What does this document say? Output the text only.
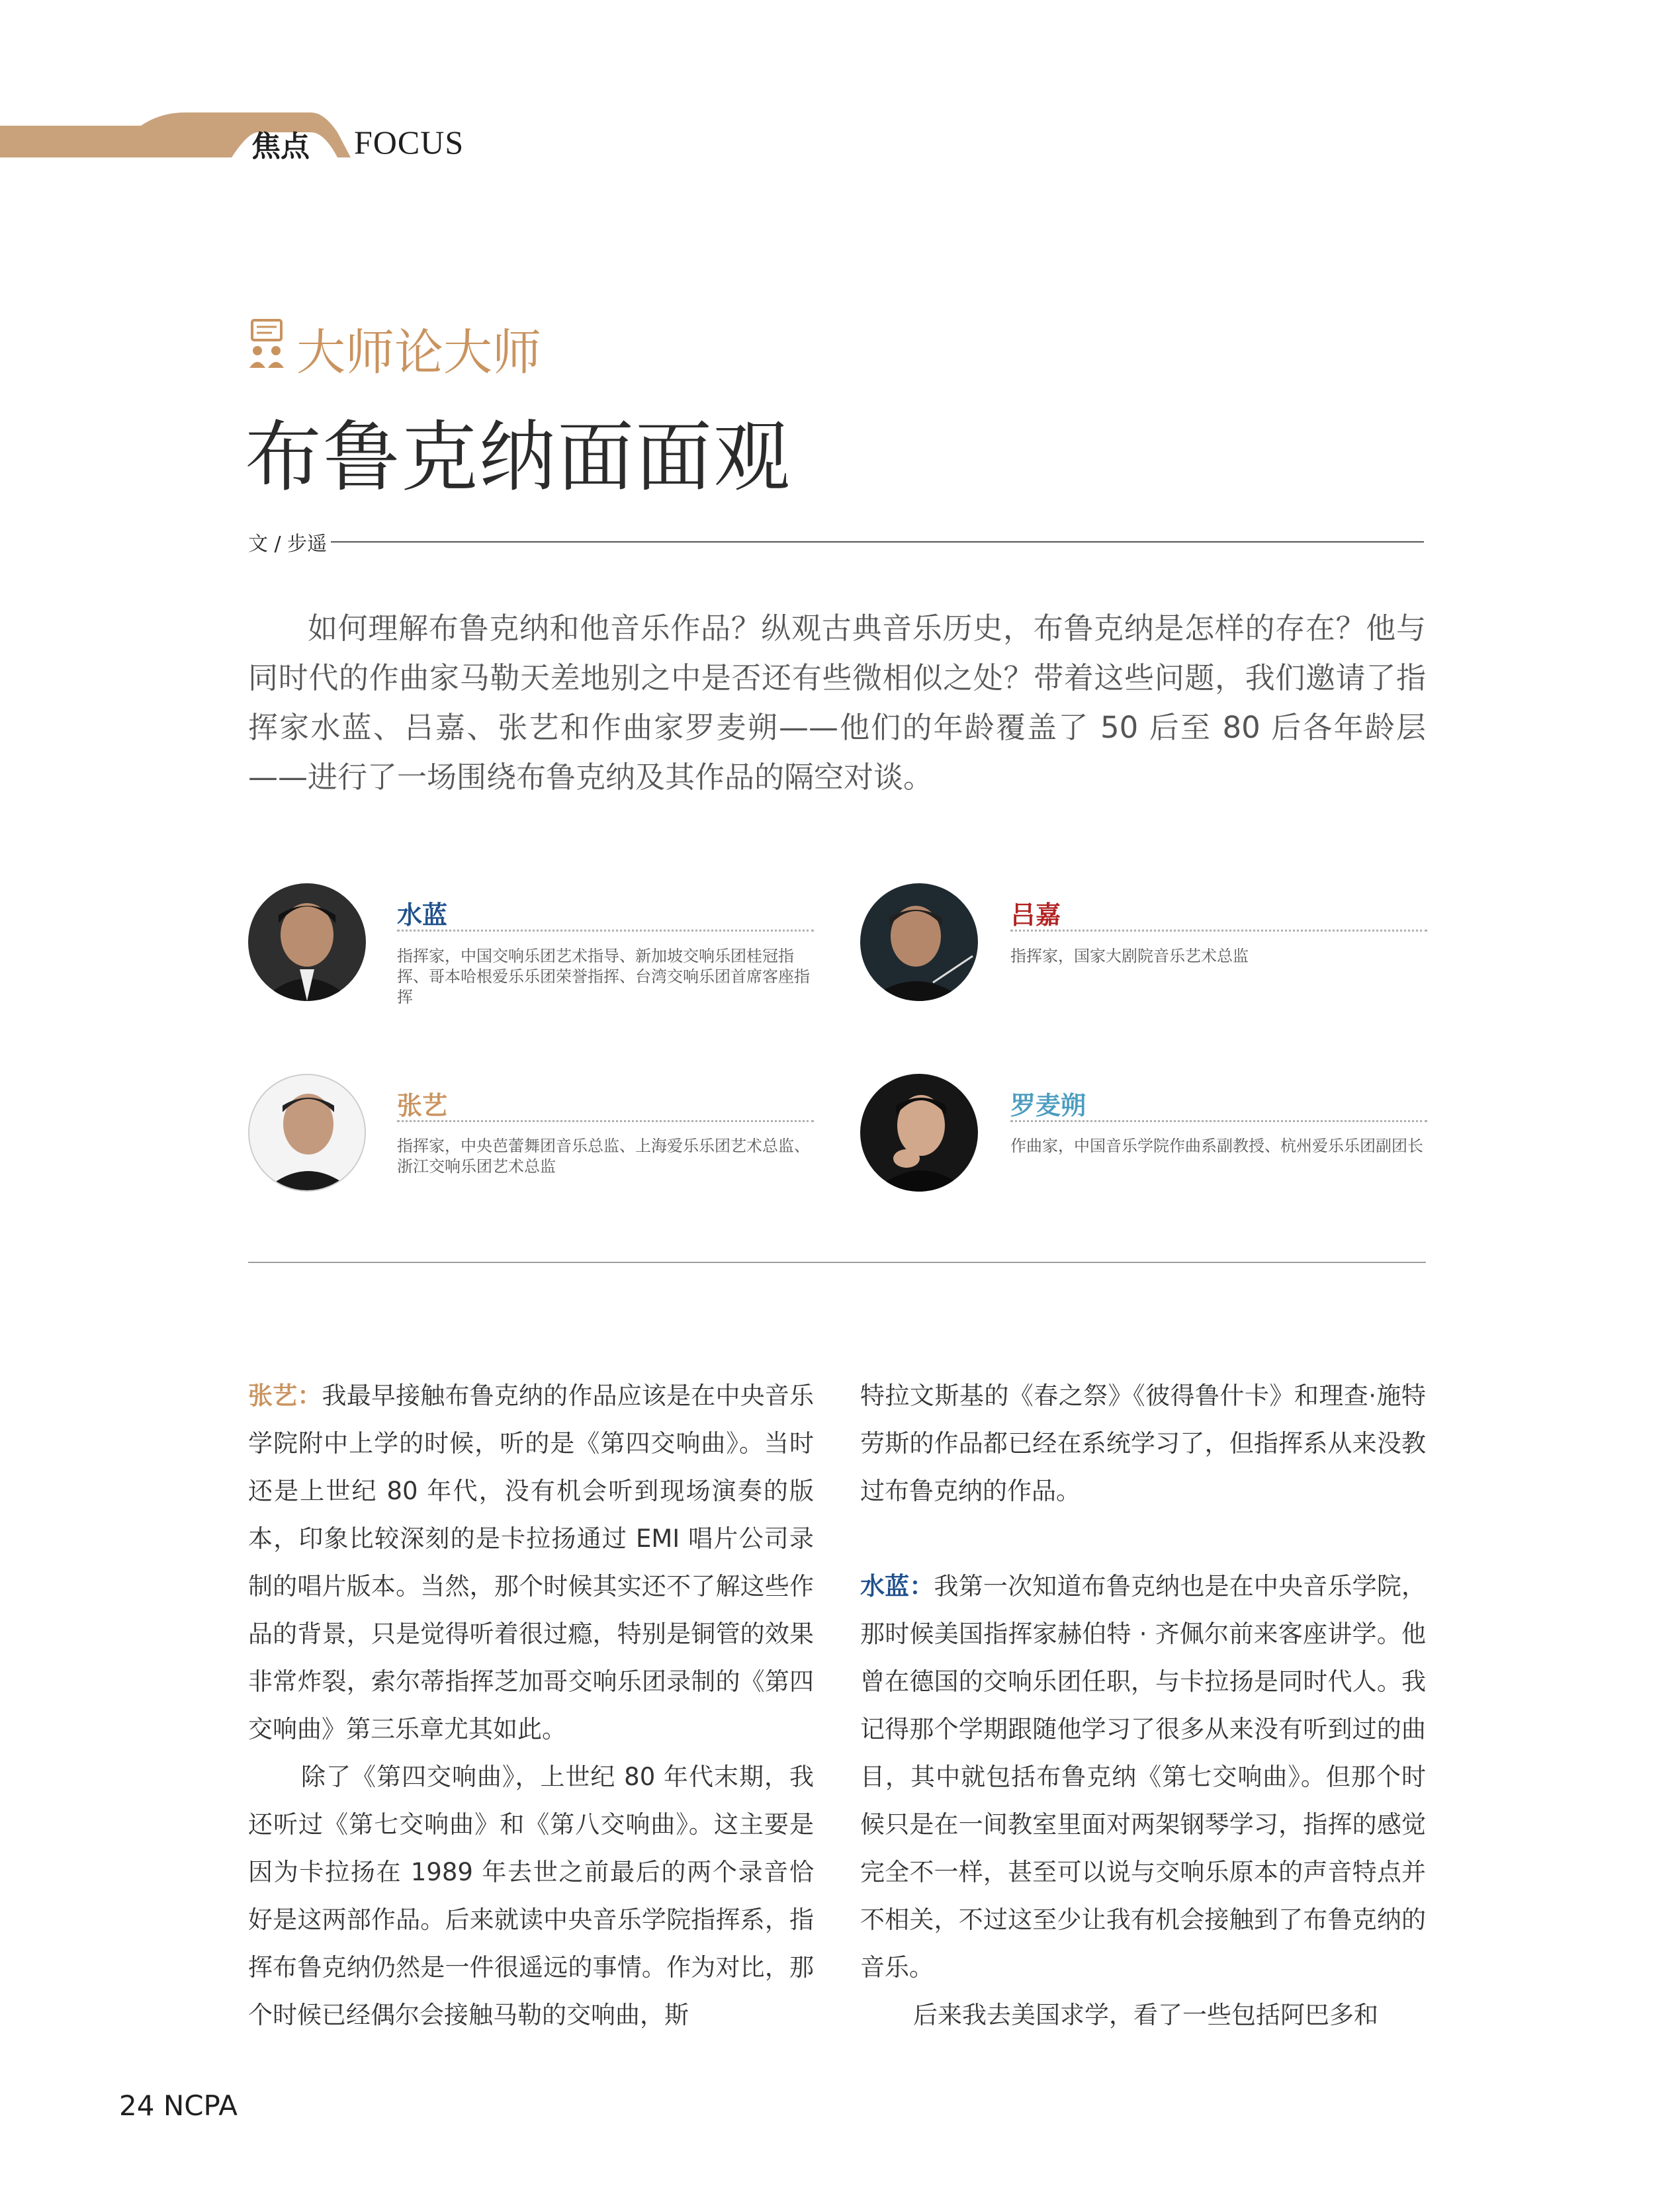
焦点 FOCUS
大师论大师
布鲁克纳面面观
文 / 步遥

如何理解布鲁克纳和他音乐作品？纵观古典音乐历史，布鲁克纳是怎样的存在？他与同时代的作曲家马勒天差地别之中是否还有些微相似之处？带着这些问题，我们邀请了指挥家水蓝、吕嘉、张艺和作曲家罗麦朔——他们的年龄覆盖了 50 后至 80 后各年龄层——进行了一场围绕布鲁克纳及其作品的隔空对谈。

水蓝

指挥家，中国交响乐团艺术指导、新加坡交响乐团桂冠指挥、哥本哈根爱乐乐团荣誉指挥、台湾交响乐团首席客座指挥

吕嘉

指挥家，国家大剧院音乐艺术总监

张艺

指挥家，中央芭蕾舞团音乐总监、上海爱乐乐团艺术总监、浙江交响乐团艺术总监

罗麦朔

作曲家，中国音乐学院作曲系副教授、杭州爱乐乐团副团长

张艺：我最早接触布鲁克纳的作品应该是在中央音乐学院附中上学的时候，听的是《第四交响曲》。当时还是上世纪 80 年代，没有机会听到现场演奏的版本，印象比较深刻的是卡拉扬通过 EMI 唱片公司录制的唱片版本。当然，那个时候其实还不了解这些作品的背景，只是觉得听着很过瘾，特别是铜管的效果非常炸裂，索尔蒂指挥芝加哥交响乐团录制的《第四交响曲》第三乐章尤其如此。

除了《第四交响曲》，上世纪 80 年代末期，我还听过《第七交响曲》和《第八交响曲》。这主要是因为卡拉扬在 1989 年去世之前最后的两个录音恰好是这两部作品。后来就读中央音乐学院指挥系，指挥布鲁克纳仍然是一件很遥远的事情。作为对比，那个时候已经偶尔会接触马勒的交响曲，斯

特拉文斯基的《春之祭》《彼得鲁什卡》和理查·施特劳斯的作品都已经在系统学习了，但指挥系从来没教过布鲁克纳的作品。

水蓝：我第一次知道布鲁克纳也是在中央音乐学院，那时候美国指挥家赫伯特 · 齐佩尔前来客座讲学。他曾在德国的交响乐团任职，与卡拉扬是同时代人。我记得那个学期跟随他学习了很多从来没有听到过的曲目，其中就包括布鲁克纳《第七交响曲》。但那个时候只是在一间教室里面对两架钢琴学习，指挥的感觉完全不一样，甚至可以说与交响乐原本的声音特点并不相关，不过这至少让我有机会接触到了布鲁克纳的音乐。

后来我去美国求学，看了一些包括阿巴多和

24 NCPA
